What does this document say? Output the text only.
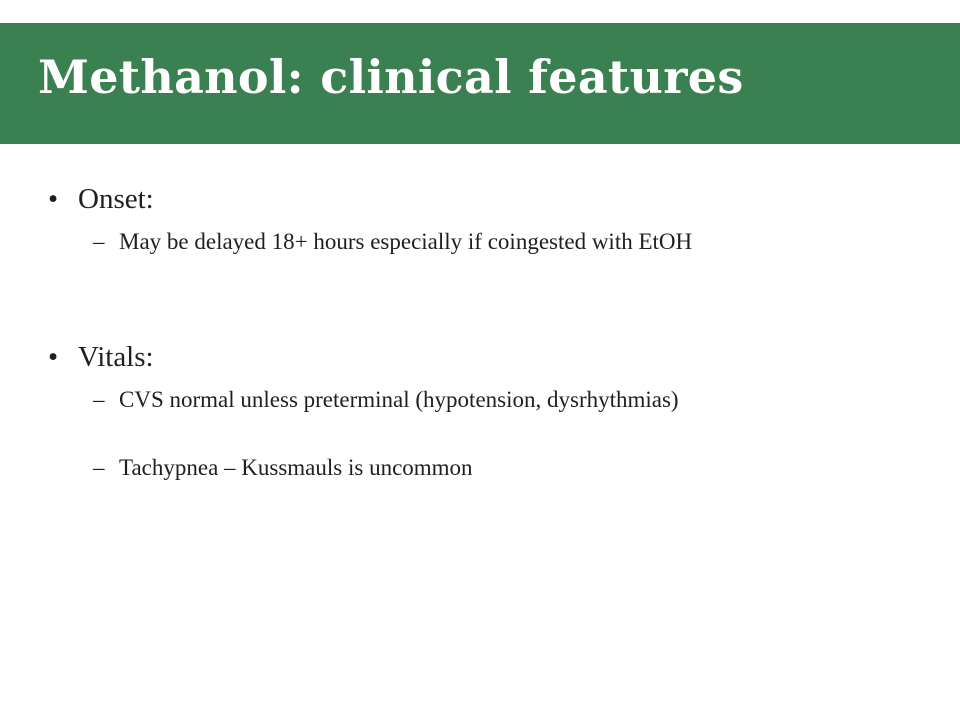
Methanol: clinical features
• Onset:
– May be delayed 18+ hours especially if coingested with EtOH
• Vitals:
– CVS normal unless preterminal (hypotension, dysrhythmias)
– Tachypnea – Kussmauls is uncommon
